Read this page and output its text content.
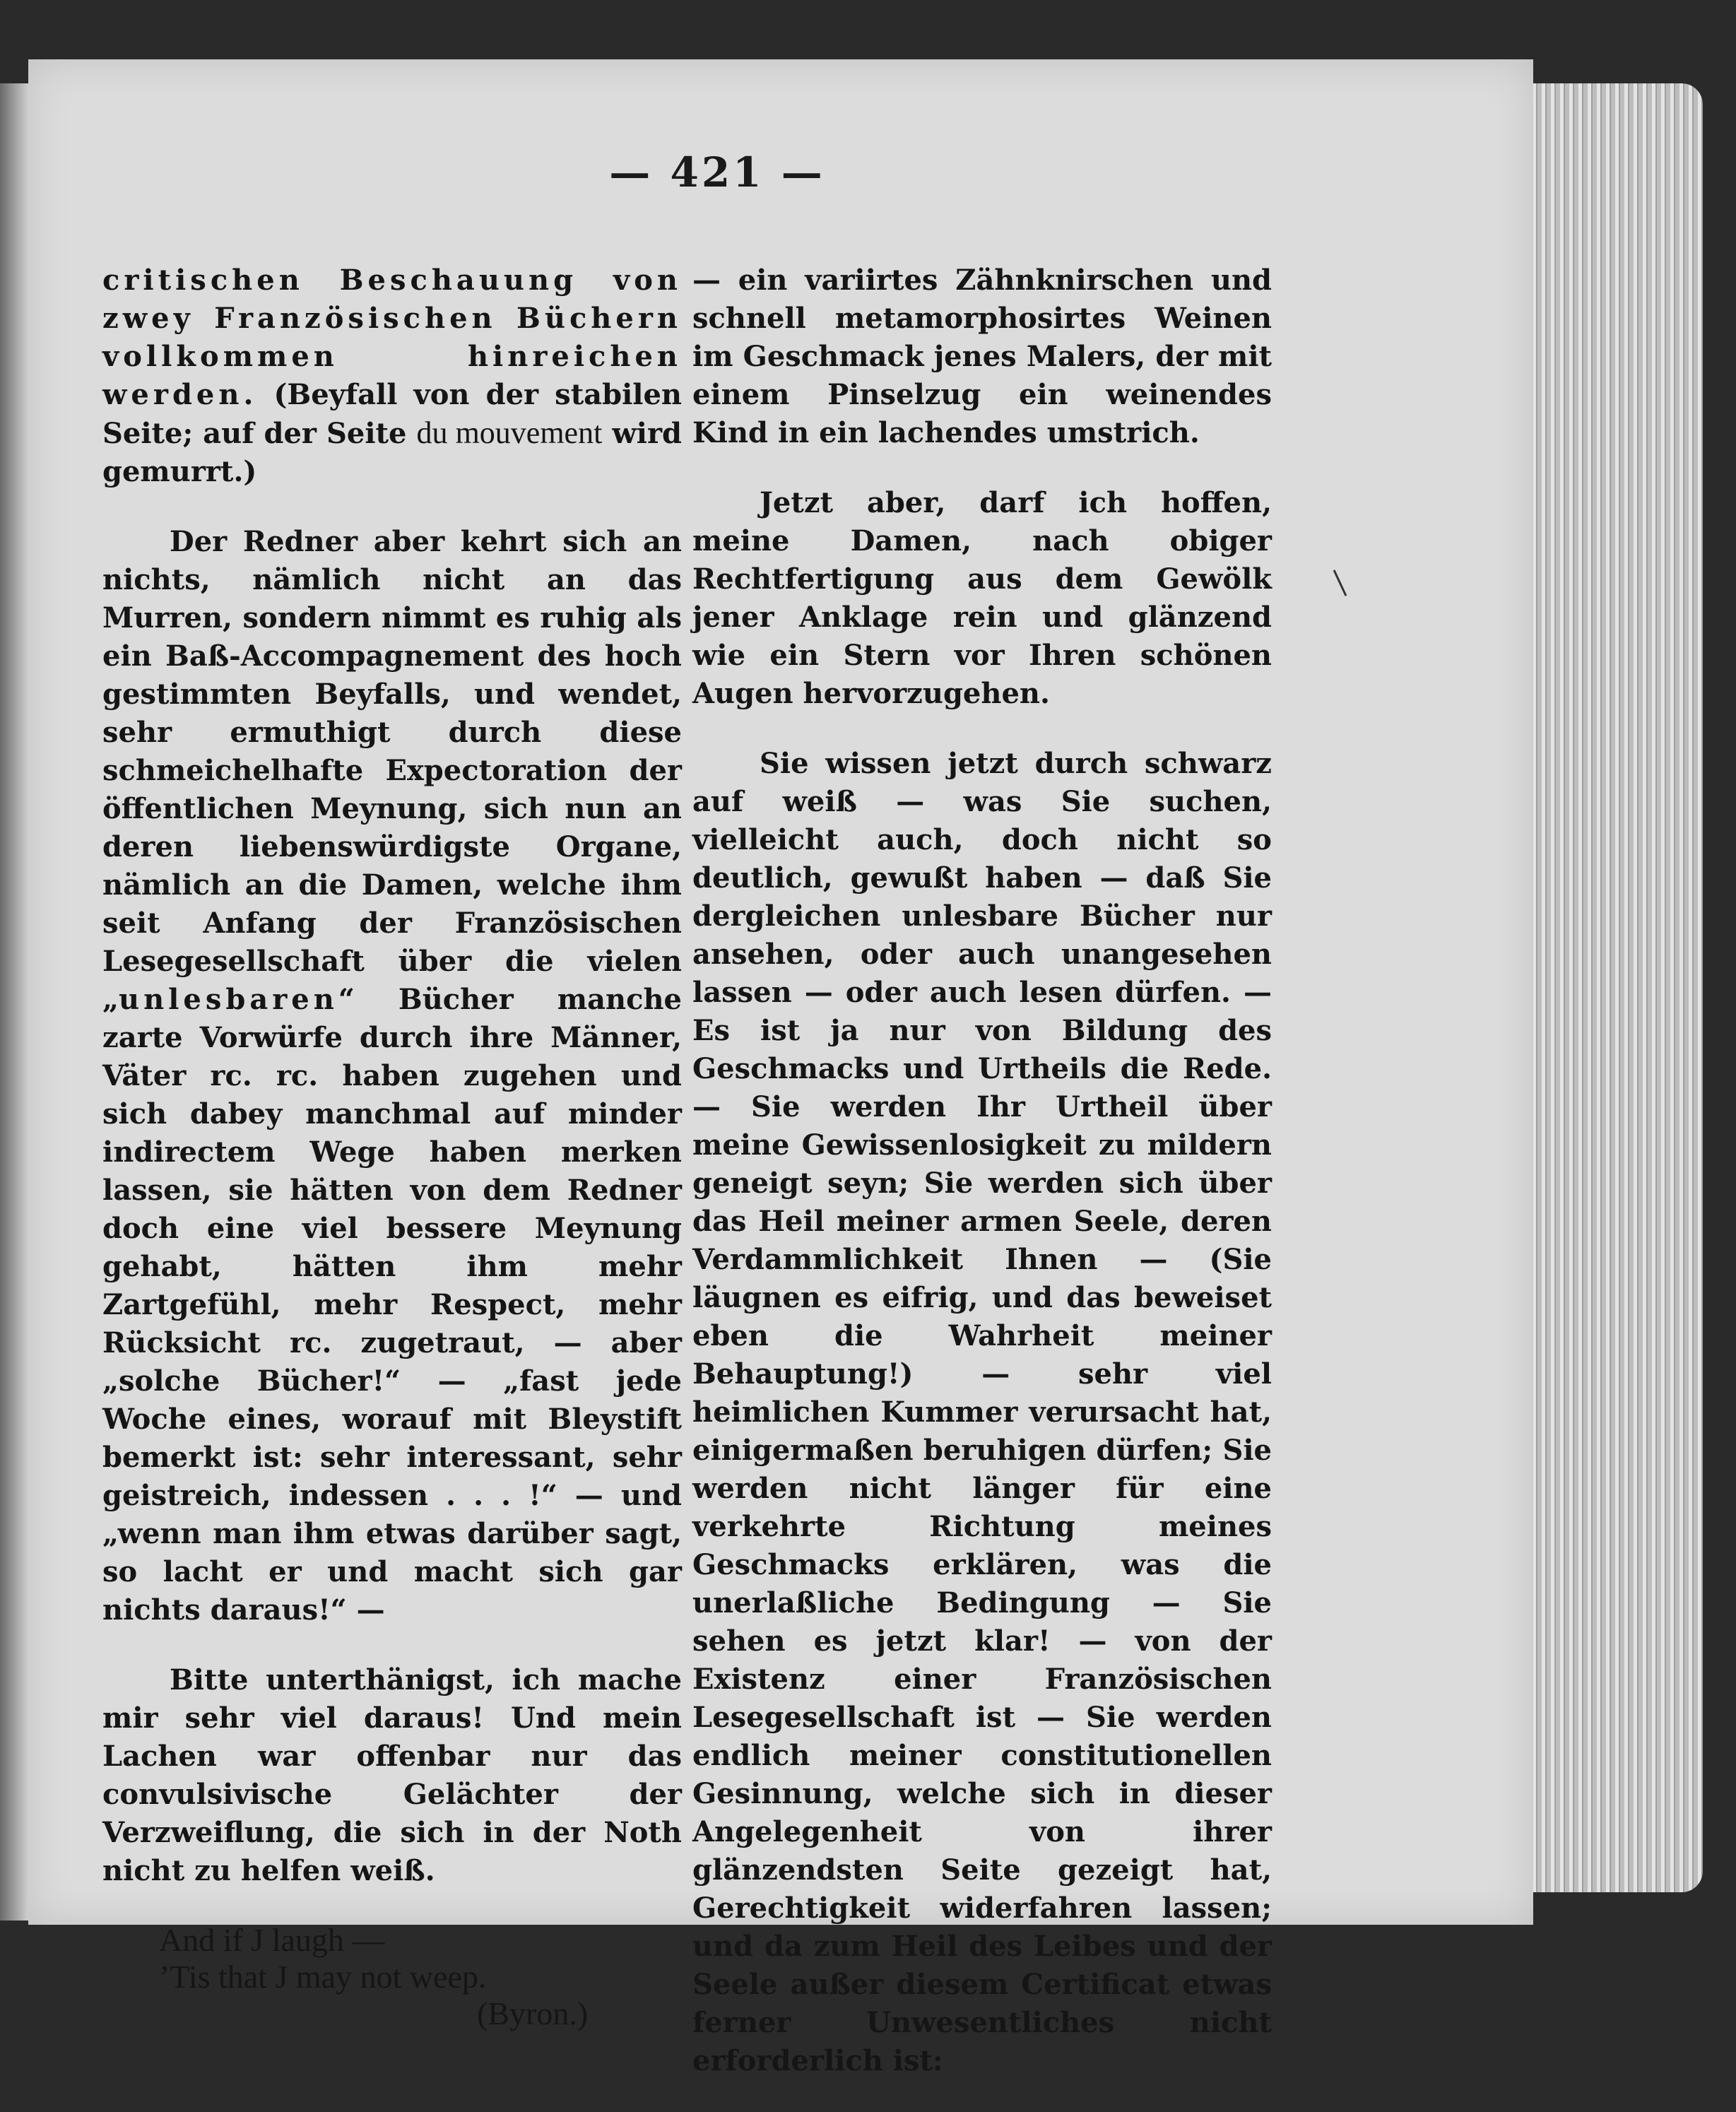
— 421 —

critischen Beschauung von zwey Französischen Büchern vollkommen hinreichen werden. (Beyfall von der stabilen Seite; auf der Seite du mouvement wird gemurrt.)

Der Redner aber kehrt sich an nichts, nämlich nicht an das Murren, sondern nimmt es ruhig als ein Baß-Accompagnement des hoch gestimmten Beyfalls, und wendet, sehr ermuthigt durch diese schmeichelhafte Expectoration der öffentlichen Meynung, sich nun an deren liebenswürdigste Organe, nämlich an die Damen, welche ihm seit Anfang der Französischen Lesegesellschaft über die vielen „unlesbaren“ Bücher manche zarte Vorwürfe durch ihre Männer, Väter rc. rc. haben zugehen und sich dabey manchmal auf minder indirectem Wege haben merken lassen, sie hätten von dem Redner doch eine viel bessere Meynung gehabt, hätten ihm mehr Zartgefühl, mehr Respect, mehr Rücksicht rc. zugetraut, — aber „solche Bücher!“ — „fast jede Woche eines, worauf mit Bleystift bemerkt ist: sehr interessant, sehr geistreich, indessen . . . !“ — und „wenn man ihm etwas darüber sagt, so lacht er und macht sich gar nichts daraus!“ —

Bitte unterthänigst, ich mache mir sehr viel daraus! Und mein Lachen war offenbar nur das convulsivische Gelächter der Verzweiflung, die sich in der Noth nicht zu helfen weiß.

And if J laugh —
’Tis that J may not weep.
(Byron.)

— ein variirtes Zähnknirschen und schnell metamorphosirtes Weinen im Geschmack jenes Malers, der mit einem Pinselzug ein weinendes Kind in ein lachendes umstrich.

Jetzt aber, darf ich hoffen, meine Damen, nach obiger Rechtfertigung aus dem Gewölk jener Anklage rein und glänzend wie ein Stern vor Ihren schönen Augen hervorzugehen.

Sie wissen jetzt durch schwarz auf weiß — was Sie suchen, vielleicht auch, doch nicht so deutlich, gewußt haben — daß Sie dergleichen unlesbare Bücher nur ansehen, oder auch unangesehen lassen — oder auch lesen dürfen. — Es ist ja nur von Bildung des Geschmacks und Urtheils die Rede. — Sie werden Ihr Urtheil über meine Gewissenlosigkeit zu mildern geneigt seyn; Sie werden sich über das Heil meiner armen Seele, deren Verdammlichkeit Ihnen — (Sie läugnen es eifrig, und das beweiset eben die Wahrheit meiner Behauptung!) — sehr viel heimlichen Kummer verursacht hat, einigermaßen beruhigen dürfen; Sie werden nicht länger für eine verkehrte Richtung meines Geschmacks erklären, was die unerlaßliche Bedingung — Sie sehen es jetzt klar! — von der Existenz einer Französischen Lesegesellschaft ist — Sie werden endlich meiner constitutionellen Gesinnung, welche sich in dieser Angelegenheit von ihrer glänzendsten Seite gezeigt hat, Gerechtigkeit widerfahren lassen; und da zum Heil des Leibes und der Seele außer diesem Certificat etwas ferner Unwesentliches nicht erforderlich ist:
